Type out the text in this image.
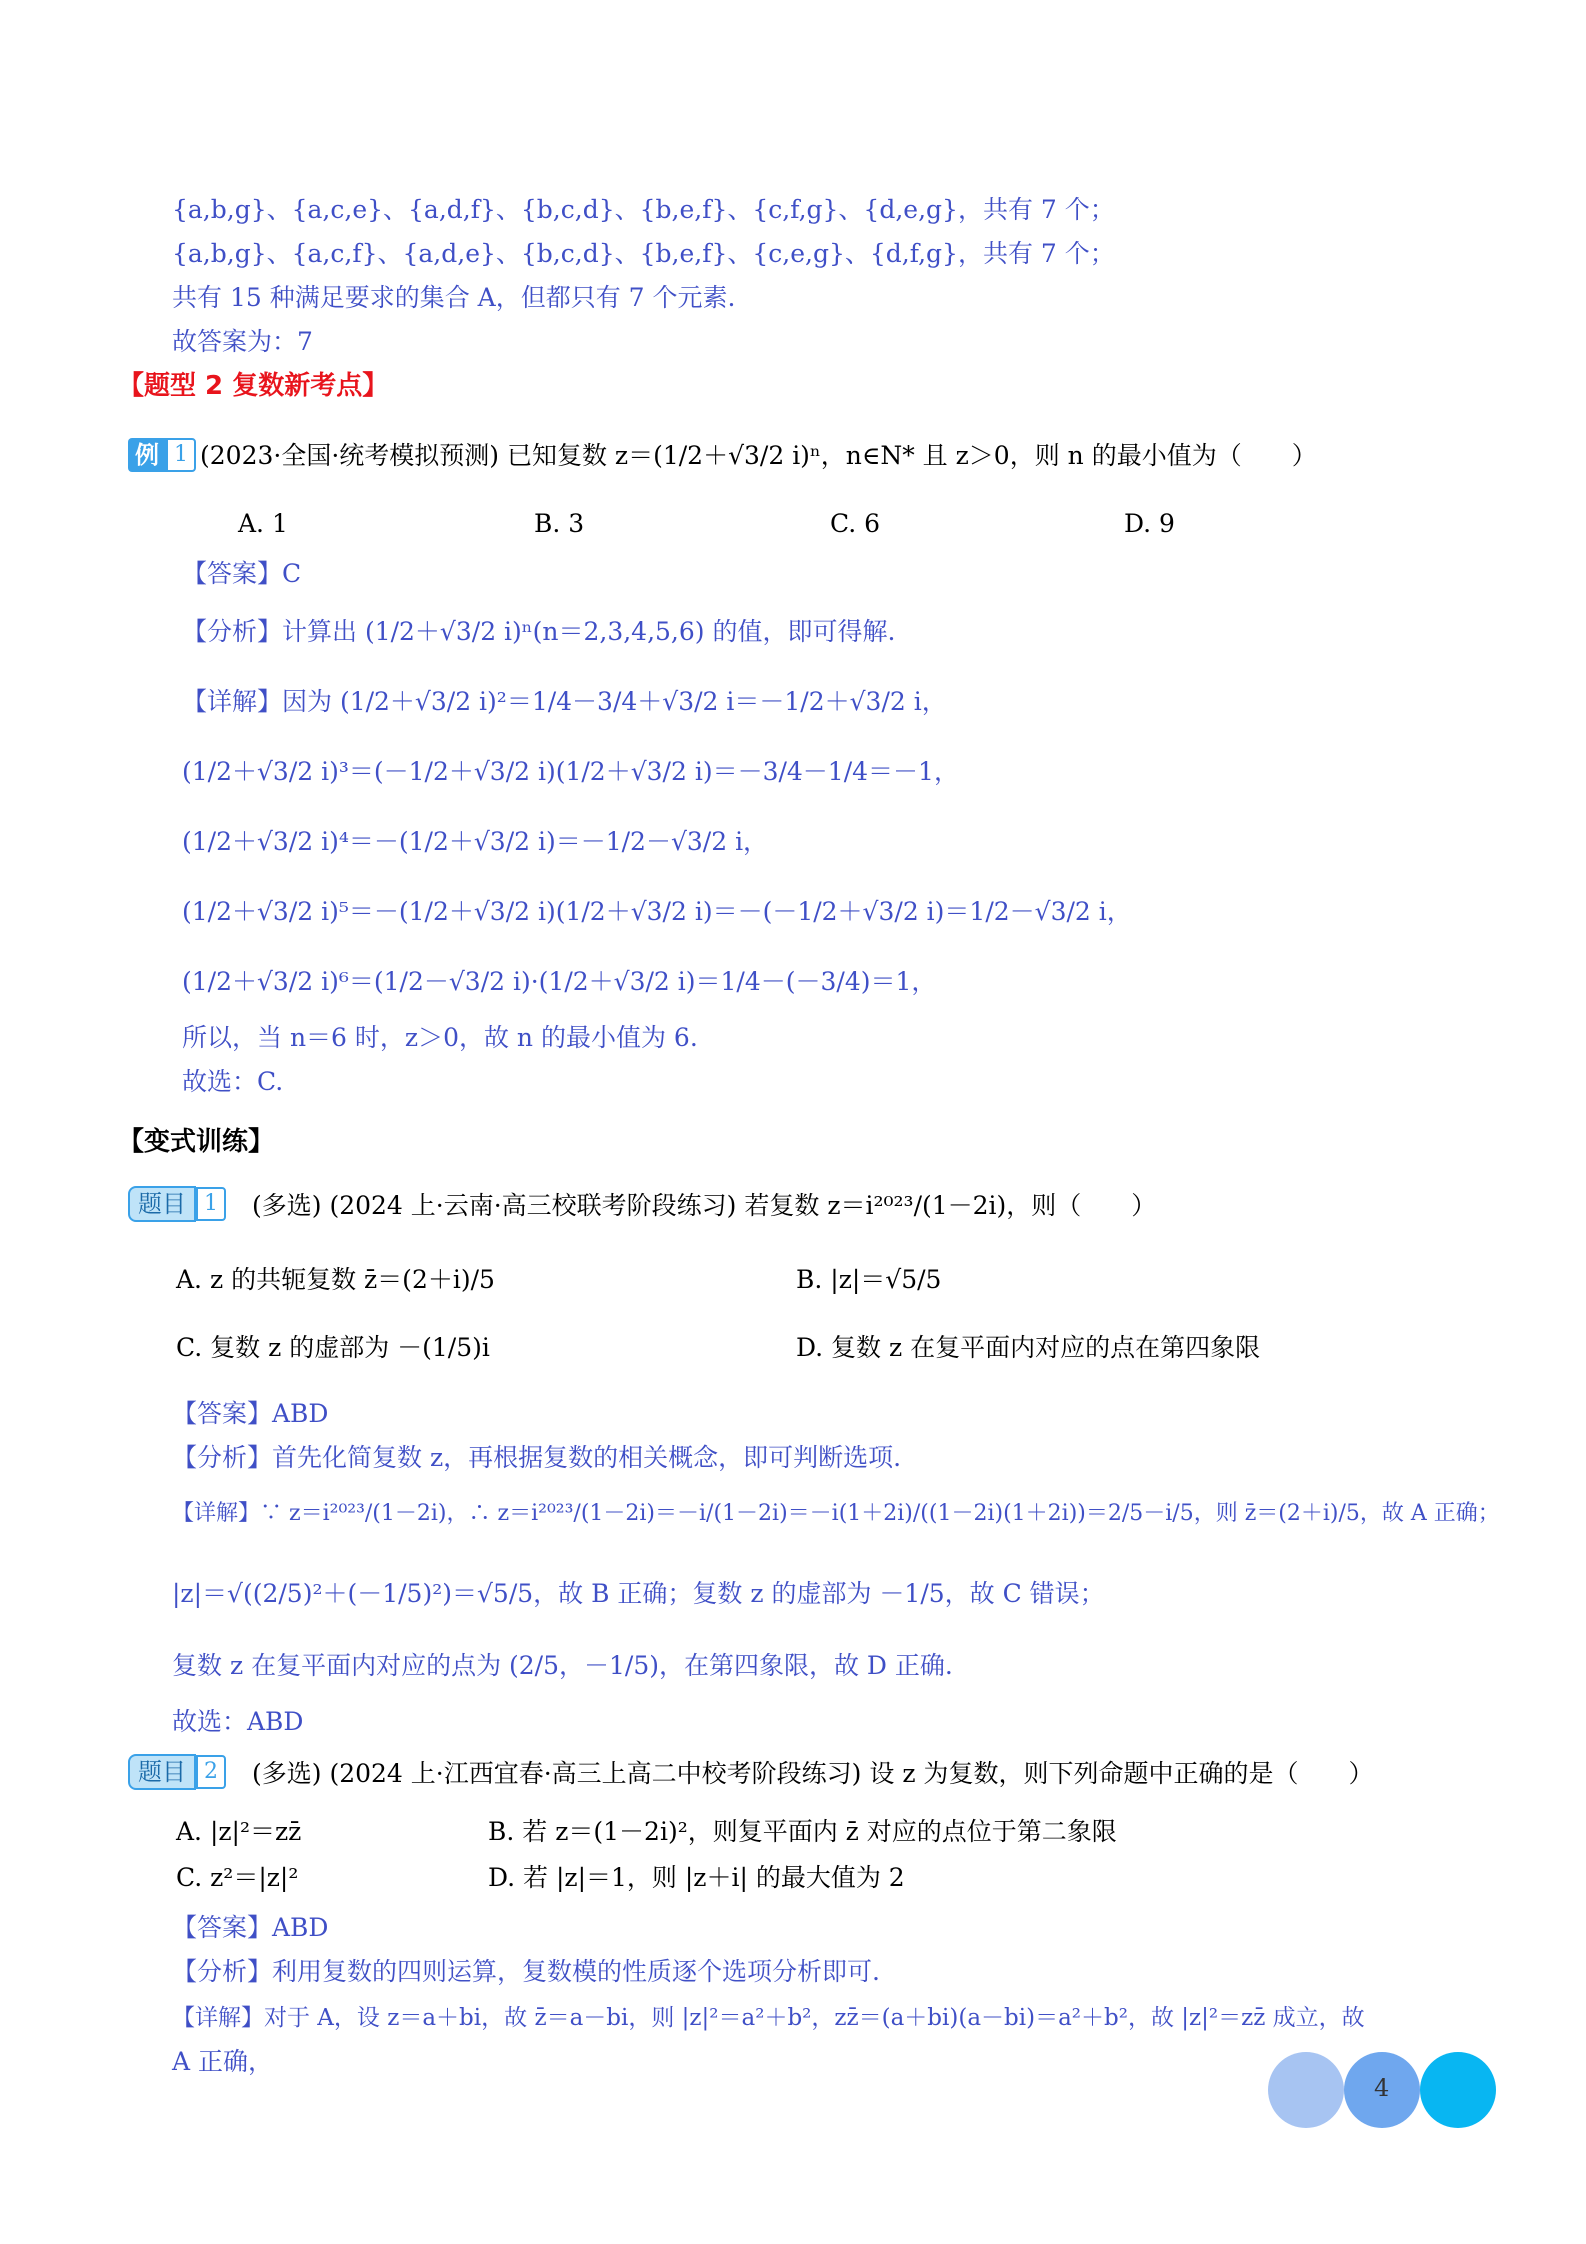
{a,b,g}、{a,c,e}、{a,d,f}、{b,c,d}、{b,e,f}、{c,f,g}、{d,e,g}，共有 7 个；
{a,b,g}、{a,c,f}、{a,d,e}、{b,c,d}、{b,e,f}、{c,e,g}、{d,f,g}，共有 7 个；
共有 15 种满足要求的集合 A，但都只有 7 个元素.
故答案为：7
【题型 2 复数新考点】
例 1 (2023·全国·统考模拟预测) 已知复数 z＝(1/2＋√3/2 i)ⁿ，n∈N* 且 z＞0，则 n 的最小值为（　　）
A. 1	B. 3	C. 6	D. 9
【答案】C
【分析】计算出 (1/2＋√3/2 i)ⁿ(n＝2,3,4,5,6) 的值，即可得解.
【详解】因为 (1/2＋√3/2 i)²＝1/4－3/4＋√3/2 i＝－1/2＋√3/2 i，
(1/2＋√3/2 i)³＝(－1/2＋√3/2 i)(1/2＋√3/2 i)＝－3/4－1/4＝－1，
(1/2＋√3/2 i)⁴＝－(1/2＋√3/2 i)＝－1/2－√3/2 i，
(1/2＋√3/2 i)⁵＝－(1/2＋√3/2 i)(1/2＋√3/2 i)＝－(－1/2＋√3/2 i)＝1/2－√3/2 i，
(1/2＋√3/2 i)⁶＝(1/2－√3/2 i)·(1/2＋√3/2 i)＝1/4－(－3/4)＝1，
所以，当 n＝6 时，z＞0，故 n 的最小值为 6.
故选：C.
【变式训练】
题目 1	(多选) (2024 上·云南·高三校联考阶段练习) 若复数 z＝i²⁰²³/(1－2i)，则（　　）
A. z 的共轭复数 z̄＝(2＋i)/5	B. |z|＝√5/5
C. 复数 z 的虚部为 －(1/5)i	D. 复数 z 在复平面内对应的点在第四象限
【答案】ABD
【分析】首先化简复数 z，再根据复数的相关概念，即可判断选项.
【详解】∵ z＝i²⁰²³/(1－2i)，∴ z＝i²⁰²³/(1－2i)＝－i/(1－2i)＝－i(1＋2i)/((1－2i)(1＋2i))＝2/5－i/5，则 z̄＝(2＋i)/5，故 A 正确；
|z|＝√((2/5)²＋(－1/5)²)＝√5/5，故 B 正确；复数 z 的虚部为 －1/5，故 C 错误；
复数 z 在复平面内对应的点为 (2/5，－1/5)，在第四象限，故 D 正确.
故选：ABD
题目 2	(多选) (2024 上·江西宜春·高三上高二中校考阶段练习) 设 z 为复数，则下列命题中正确的是（　　）
A. |z|²＝zz̄	B. 若 z＝(1－2i)²，则复平面内 z̄ 对应的点位于第二象限
C. z²＝|z|²	D. 若 |z|＝1，则 |z＋i| 的最大值为 2
【答案】ABD
【分析】利用复数的四则运算，复数模的性质逐个选项分析即可.
【详解】对于 A，设 z＝a＋bi，故 z̄＝a－bi，则 |z|²＝a²＋b²，zz̄＝(a＋bi)(a－bi)＝a²＋b²，故 |z|²＝zz̄ 成立，故
A 正确，
4
